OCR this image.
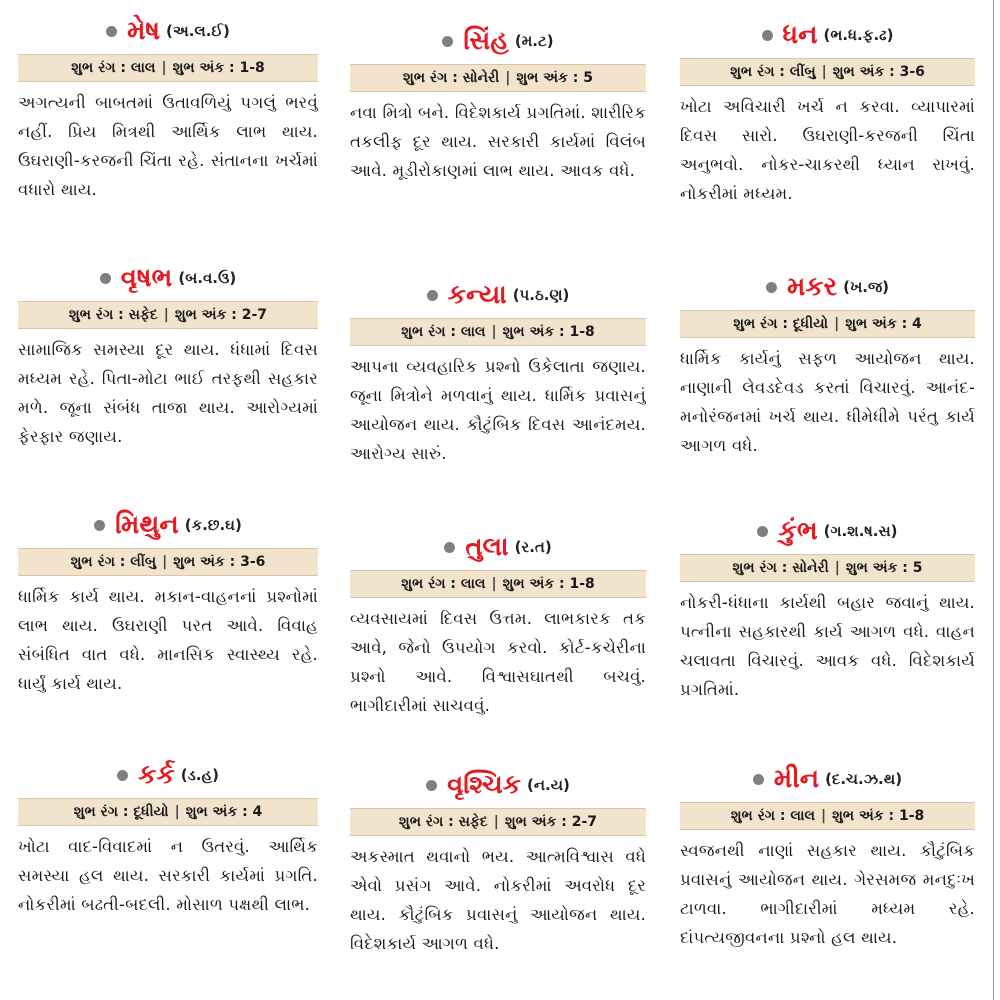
મેષ (અ.લ.ઈ)
શુભ રંગ : લાલ | શુભ અંક : 1-8
અગત્યની બાબતમાં ઉતાવળિયું પગલું ભરવું નહીં. પ્રિય મિત્રથી આર્થિક લાભ થાય. ઉઘરાણી-કરજની ચિંતા રહે. સંતાનના ખર્ચમાં વધારો થાય.
વૃષભ (બ.વ.ઉ)
શુભ રંગ : સફેદ | શુભ અંક : 2-7
સામાજિક સમસ્યા દૂર થાય. ધંધામાં દિવસ મધ્યમ રહે. પિતા-મોટા ભાઈ તરફથી સહકાર મળે. જૂના સંબંધ તાજા થાય. આરોગ્યમાં ફેરફાર જણાય.
મિથુન (ક.છ.ઘ)
શુભ રંગ : લીંબુ | શુભ અંક : 3-6
ધાર્મિક કાર્ય થાય. મકાન-વાહનનાં પ્રશ્નોમાં લાભ થાય. ઉઘરાણી પરત આવે. વિવાહ સંબંધિત વાત વધે. માનસિક સ્વાસ્થ્ય રહે. ધાર્યું કાર્ય થાય.
કર્ક (ડ.હ)
શુભ રંગ : દૂધીયો | શુભ અંક : 4
ખોટા વાદ-વિવાદમાં ન ઉતરવું. આર્થિક સમસ્યા હલ થાય. સરકારી કાર્યમાં પ્રગતિ. નોકરીમાં બઢતી-બદલી. મોસાળ પક્ષથી લાભ.
સિંહ (મ.ટ)
શુભ રંગ : સોનેરી | શુભ અંક : 5
નવા મિત્રો બને. વિદેશકાર્ય પ્રગતિમાં. શારીરિક તકલીફ દૂર થાય. સરકારી કાર્યમાં વિલંબ આવે. મૂડીરોકાણમાં લાભ થાય. આવક વધે.
કન્યા (પ.ઠ.ણ)
શુભ રંગ : લાલ | શુભ અંક : 1-8
આપના વ્યવહારિક પ્રશ્નો ઉકેલાતા જણાય. જૂના મિત્રોને મળવાનું થાય. ધાર્મિક પ્રવાસનું આયોજન થાય. કૌટુંબિક દિવસ આનંદમય. આરોગ્ય સારું.
તુલા (ર.ત)
શુભ રંગ : લાલ | શુભ અંક : 1-8
વ્યવસાયમાં દિવસ ઉત્તમ. લાભકારક તક આવે, જેનો ઉપયોગ કરવો. કોર્ટ-કચેરીના પ્રશ્નો આવે. વિશ્વાસઘાતથી બચવું. ભાગીદારીમાં સાચવવું.
વૃશ્ચિક (ન.ય)
શુભ રંગ : સફેદ | શુભ અંક : 2-7
અકસ્માત થવાનો ભય. આત્મવિશ્વાસ વધે એવો પ્રસંગ આવે. નોકરીમાં અવરોધ દૂર થાય. કૌટુંબિક પ્રવાસનું આયોજન થાય. વિદેશકાર્ય આગળ વધે.
ધન (ભ.ધ.ફ.ઢ)
શુભ રંગ : લીંબુ | શુભ અંક : 3-6
ખોટા અવિચારી ખર્ચ ન કરવા. વ્યાપારમાં દિવસ સારો. ઉઘરાણી-કરજની ચિંતા અનુભવો. નોકર-ચાકરથી ધ્યાન રાખવું. નોકરીમાં મધ્યમ.
મકર (ખ.જ)
શુભ રંગ : દૂધીયો | શુભ અંક : 4
ધાર્મિક કાર્યનું સફળ આયોજન થાય. નાણાની લેવડદેવડ કરતાં વિચારવું. આનંદ-મનોરંજનમાં ખર્ચ થાય. ધીમેધીમે પરંતુ કાર્ય આગળ વધે.
કુંભ (ગ.શ.ષ.સ)
શુભ રંગ : સોનેરી | શુભ અંક : 5
નોકરી-ધંધાના કાર્યથી બહાર જવાનું થાય. પત્નીના સહકારથી કાર્ય આગળ વધે. વાહન ચલાવતા વિચારવું. આવક વધે. વિદેશકાર્ય પ્રગતિમાં.
મીન (દ.ચ.ઝ.થ)
શુભ રંગ : લાલ | શુભ અંક : 1-8
સ્વજનથી નાણાં સહકાર થાય. કૌટુંબિક પ્રવાસનું આયોજન થાય. ગેરસમજ મનદુઃખ ટાળવા. ભાગીદારીમાં મધ્યમ રહે. દાંપત્યજીવનના પ્રશ્નો હલ થાય.
